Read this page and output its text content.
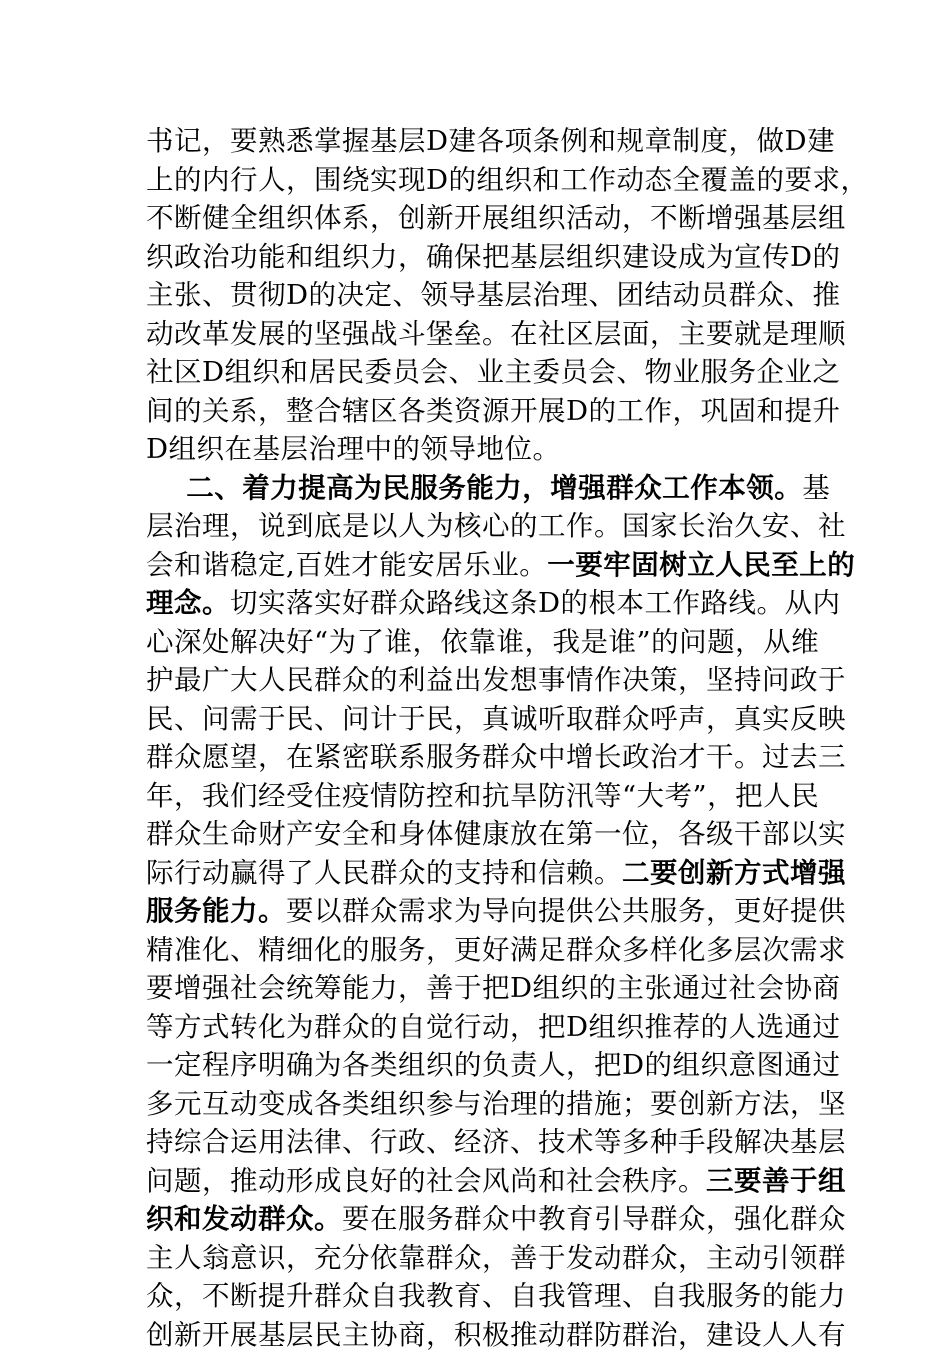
书记，要熟悉掌握基层D建各项条例和规章制度，做D建
上的内行人，围绕实现D的组织和工作动态全覆盖的要求，
不断健全组织体系，创新开展组织活动，不断增强基层组
织政治功能和组织力，确保把基层组织建设成为宣传D的
主张、贯彻D的决定、领导基层治理、团结动员群众、推
动改革发展的坚强战斗堡垒。在社区层面，主要就是理顺
社区D组织和居民委员会、业主委员会、物业服务企业之
间的关系，整合辖区各类资源开展D的工作，巩固和提升
D组织在基层治理中的领导地位。
二、着力提高为民服务能力，增强群众工作本领。基
层治理，说到底是以人为核心的工作。国家长治久安、社
会和谐稳定,百姓才能安居乐业。一要牢固树立人民至上的
理念。切实落实好群众路线这条D的根本工作路线。从内
心深处解决好“为了谁，依靠谁，我是谁”的问题，从维
护最广大人民群众的利益出发想事情作决策，坚持问政于
民、问需于民、问计于民，真诚听取群众呼声，真实反映
群众愿望，在紧密联系服务群众中增长政治才干。过去三
年，我们经受住疫情防控和抗旱防汛等“大考”，把人民
群众生命财产安全和身体健康放在第一位，各级干部以实
际行动赢得了人民群众的支持和信赖。二要创新方式增强
服务能力。要以群众需求为导向提供公共服务，更好提供
精准化、精细化的服务，更好满足群众多样化多层次需求
要增强社会统筹能力，善于把D组织的主张通过社会协商
等方式转化为群众的自觉行动，把D组织推荐的人选通过
一定程序明确为各类组织的负责人，把D的组织意图通过
多元互动变成各类组织参与治理的措施；要创新方法，坚
持综合运用法律、行政、经济、技术等多种手段解决基层
问题，推动形成良好的社会风尚和社会秩序。三要善于组
织和发动群众。要在服务群众中教育引导群众，强化群众
主人翁意识，充分依靠群众，善于发动群众，主动引领群
众，不断提升群众自我教育、自我管理、自我服务的能力
创新开展基层民主协商，积极推动群防群治，建设人人有
